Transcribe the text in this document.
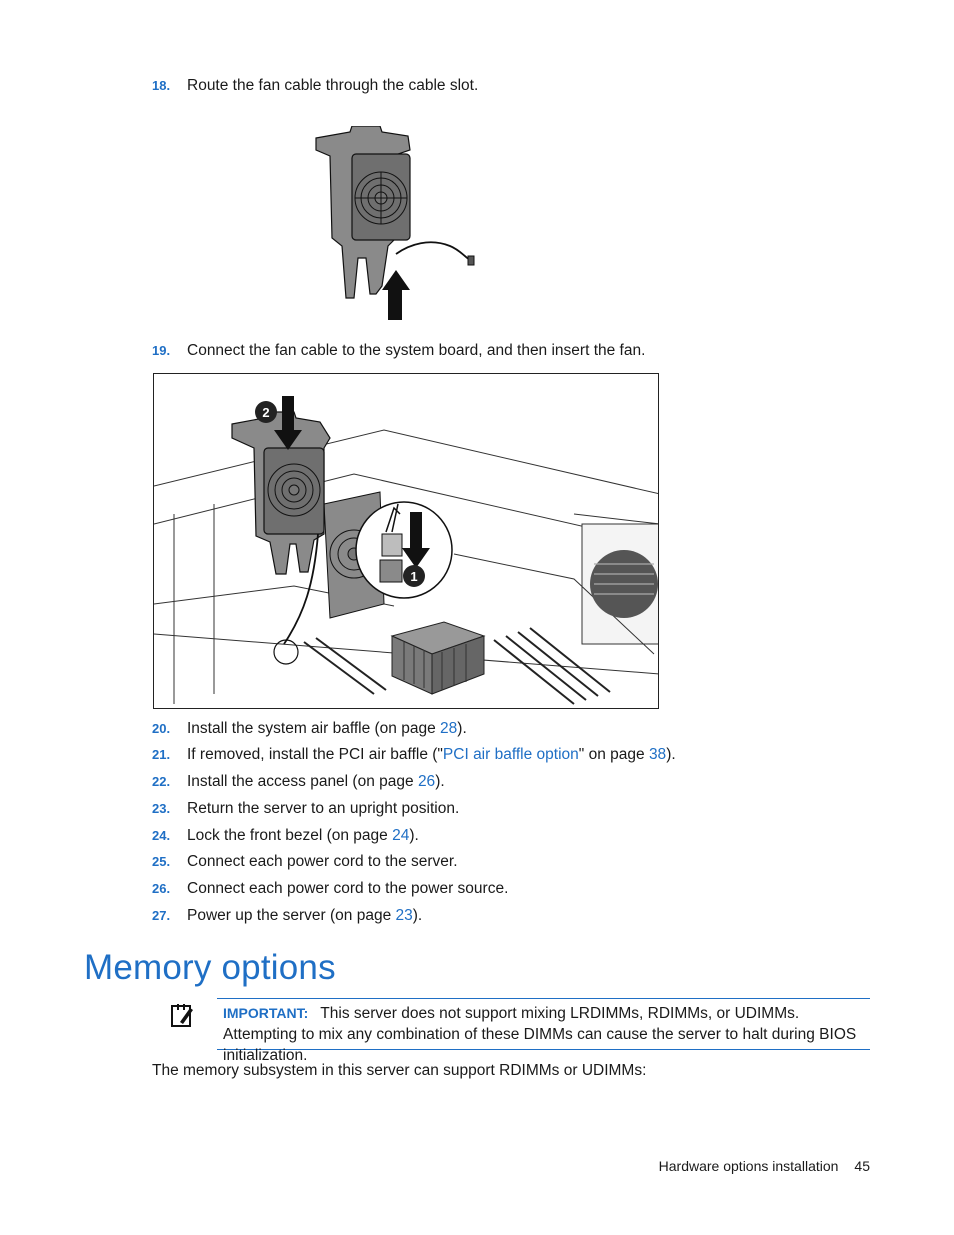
18. Route the fan cable through the cable slot.
19. Connect the fan cable to the system board, and then insert the fan.
2
1
20. Install the system air baffle (on page 28).
21. If removed, install the PCI air baffle ("PCI air baffle option" on page 38).
22. Install the access panel (on page 26).
23. Return the server to an upright position.
24. Lock the front bezel (on page 24).
25. Connect each power cord to the server.
26. Connect each power cord to the power source.
27. Power up the server (on page 23).
Memory options

IMPORTANT: This server does not support mixing LRDIMMs, RDIMMs, or UDIMMs. Attempting to mix any combination of these DIMMs can cause the server to halt during BIOS initialization.

The memory subsystem in this server can support RDIMMs or UDIMMs:
Hardware options installation 45
